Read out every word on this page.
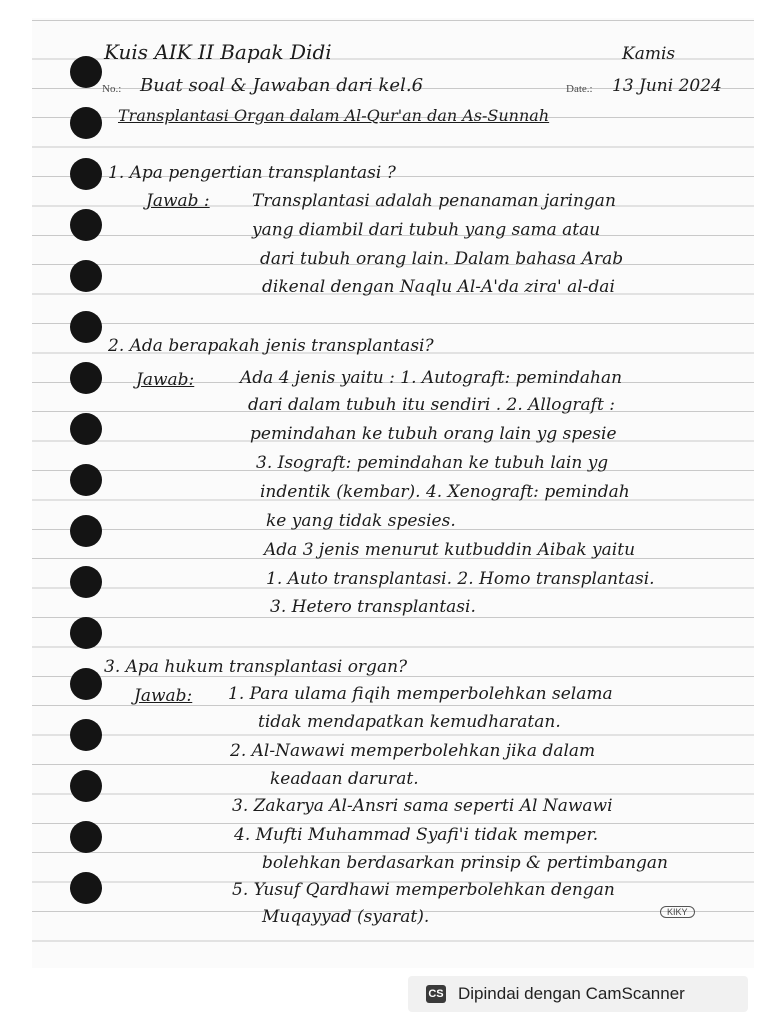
Kuis AIK II Bapak Didi	Kamis
No.: Buat soal & Jawaban dari kel.6	Date.: 13 Juni 2024
Transplantasi Organ dalam Al-Qur'an dan As-Sunnah
1. Apa pengertian transplantasi ?
Jawab : Transplantasi adalah penanaman jaringan
yang diambil dari tubuh yang sama atau
dari tubuh orang lain. Dalam bahasa Arab
dikenal dengan Naqlu Al-A'da zira' al-dai
2. Ada berapakah jenis transplantasi?
Jawab:	Ada 4 jenis yaitu : 1. Autograft: pemindahan
dari dalam tubuh itu sendiri . 2. Allograft :
pemindahan ke tubuh orang lain yg spesie
3. Isograft: pemindahan ke tubuh lain yg
indentik (kembar). 4. Xenograft: pemindah
ke yang tidak spesies.
Ada 3 jenis menurut kutbuddin Aibak yaitu
1. Auto transplantasi. 2. Homo transplantasi.
3. Hetero transplantasi.
3. Apa hukum transplantasi organ?
Jawab: 1. Para ulama fiqih memperbolehkan selama
tidak mendapatkan kemudharatan.
2. Al-Nawawi memperbolehkan jika dalam
keadaan darurat.
3. Zakarya Al-Ansri sama seperti Al Nawawi
4. Mufti Muhammad Syafi'i tidak memper.
bolehkan berdasarkan prinsip & pertimbangan
5. Yusuf Qardhawi memperbolehkan dengan
Muqayyad (syarat).	KIKY
CS Dipindai dengan CamScanner
